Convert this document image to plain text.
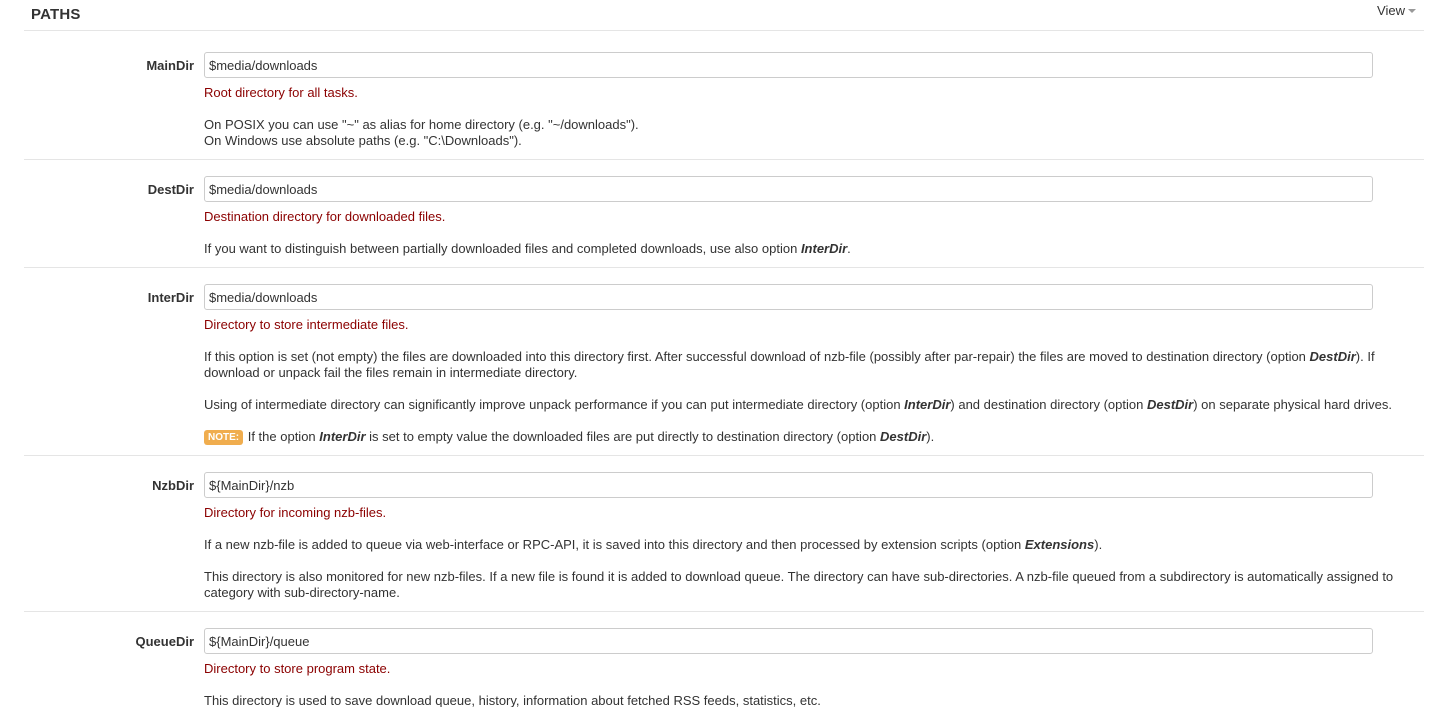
PATHS	View
MainDir
$media/downloads
Root directory for all tasks.
On POSIX you can use "~" as alias for home directory (e.g. "~/downloads").
On Windows use absolute paths (e.g. "C:\Downloads").
DestDir
$media/downloads
Destination directory for downloaded files.
If you want to distinguish between partially downloaded files and completed downloads, use also option InterDir.
InterDir
$media/downloads
Directory to store intermediate files.
If this option is set (not empty) the files are downloaded into this directory first. After successful download of nzb-file (possibly after par-repair) the files are moved to destination directory (option DestDir). If download or unpack fail the files remain in intermediate directory.
Using of intermediate directory can significantly improve unpack performance if you can put intermediate directory (option InterDir) and destination directory (option DestDir) on separate physical hard drives.
NOTE: If the option InterDir is set to empty value the downloaded files are put directly to destination directory (option DestDir).
NzbDir
${MainDir}/nzb
Directory for incoming nzb-files.
If a new nzb-file is added to queue via web-interface or RPC-API, it is saved into this directory and then processed by extension scripts (option Extensions).
This directory is also monitored for new nzb-files. If a new file is found it is added to download queue. The directory can have sub-directories. A nzb-file queued from a subdirectory is automatically assigned to category with sub-directory-name.
QueueDir
${MainDir}/queue
Directory to store program state.
This directory is used to save download queue, history, information about fetched RSS feeds, statistics, etc.
